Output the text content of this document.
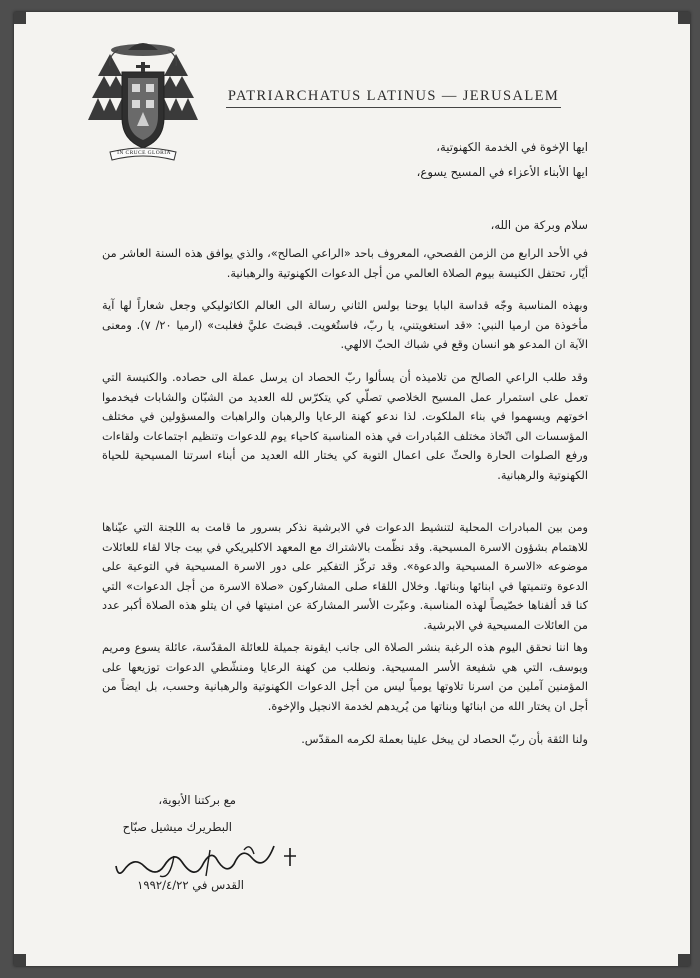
IN CRUCE GLORIA
PATRIARCHATUS LATINUS — JERUSALEM
ايها الإخوة في الخدمة الكهنوتية،
ايها الأبناء الأعزاء في المسيح يسوع،
سلام وبركة من الله،
في الأحد الرابع من الزمن الفصحي، المعروف باحد «الراعي الصالح»، والذي يوافق هذه السنة العاشر من أيّار، تحتفل الكنيسة بيوم الصلاة العالمي من أجل الدعوات الكهنوتية والرهبانية.
وبهذه المناسبة وجّه قداسة البابا يوحنا بولس الثاني رسالة الى العالم الكاثوليكي وجعل شعاراً لها آية مأخوذة من ارميا النبي: «قد استغويتني، يا ربّ، فاستُغويت. قبضتَ عليَّ فغلبت» (ارميا ٢٠/ ٧). ومعنى الآية ان المدعو هو انسان وقع في شباك الحبّ الالهي.
وقد طلب الراعي الصالح من تلاميذه أن يسألوا ربّ الحصاد ان يرسل عملة الى حصاده. والكنيسة التي تعمل على استمرار عمل المسيح الخلاصي تصلّي كي يتكرّس لله العديد من الشبّان والشابات فيخدموا اخوتهم ويسهموا في بناء الملكوت. لذا ندعو كهنة الرعايا والرهبان والراهبات والمسؤولين في مختلف المؤسسات الى اتّخاذ مختلف المُبادرات في هذه المناسبة كاحياء يوم للدعوات وتنظيم اجتماعات ولقاءات ورفع الصلوات الحارة والحثّ على اعمال التوبة كي يختار الله العديد من أبناء اسرتنا المسيحية للحياة الكهنوتية والرهبانية.
ومن بين المبادرات المحلية لتنشيط الدعوات في الابرشية نذكر بسرور ما قامت به اللجنة التي عيّناها للاهتمام بشؤون الاسرة المسيحية. وقد نظّمت بالاشتراك مع المعهد الاكليريكي في بيت جالا لقاء للعائلات موضوعه «الاسرة المسيحية والدعوة». وقد تركّز التفكير على دور الاسرة المسيحية في التوعية على الدعوة وتنميتها في ابنائها وبناتها. وخلال اللقاء صلى المشاركون «صلاة الاسرة من أجل الدعوات» التي كنا قد ألفناها خصّيصاً لهذه المناسبة. وعبّرت الأسر المشاركة عن امنيتها في ان يتلو هذه الصلاة أكبر عدد من العائلات المسيحية في الابرشية.
وها اننا نحقق اليوم هذه الرغبة بنشر الصلاة الى جانب ايقونة جميلة للعائلة المقدّسة، عائلة يسوع ومريم ويوسف، التي هي شفيعة الأسر المسيحية. ونطلب من كهنة الرعايا ومنشّطي الدعوات توزيعها على المؤمنين آملين من اسرنا تلاوتها يومياً ليس من أجل الدعوات الكهنوتية والرهبانية وحسب، بل ايضاً من أجل ان يختار الله من ابنائها وبناتها من يُريدهم لخدمة الانجيل والإخوة.
ولنا الثقة بأن ربّ الحصاد لن يبخل علينا بعملة لكرمه المقدّس.
مع بركتنا الأبوية،
البطريرك ميشيل صبّاح
القدس في ١٩٩٢/٤/٢٢
